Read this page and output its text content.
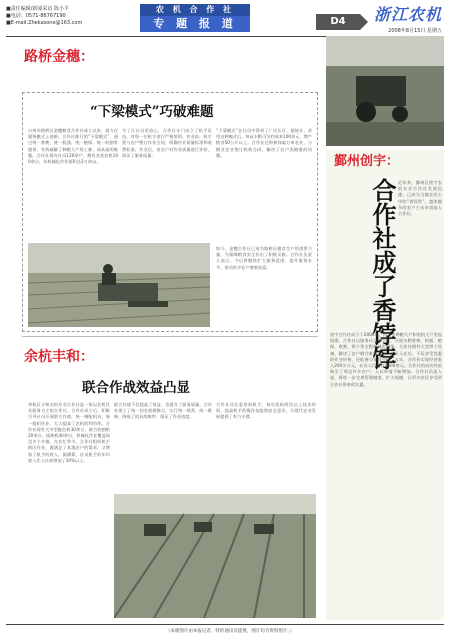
■责任编辑/新闻采访 陈小平
■电话：0571-86767190
■E-mail:Zhekasone@163.com
农 机 合 作 社
专 题 报 道	D4	浙江农机
2008年8月15日 星期五
路桥金穗：
“下梁模式”巧破难题
台州市路桥区金穗粮食合作社成立以来，着力在服务模式上创新。合作社推行的“下梁模式”，通过统一育秧、统一机插、统一植保、统一收割等服务，有效破解了种粮大户用工难、成本高的难题。合作社现有社员120余户，拥有各类农机100余台，年机械化作业面积达3万余亩。
为了让社员更放心，合作社专门成立了机手队伍，对每一位机手进行严格培训。作业前，机手要与农户签订作业合同，明确作业质量标准和收费标准。作业后，由农户对作业质量进行评价，保证了服务质量。
“下梁模式”在社员中得到了广泛认可。据统计，采用这种模式后，每亩水稻可节约成本100余元，增产粮食50公斤以上。合作社还积极探索订单农业，与粮食企业签订收购合同，解决了农户卖粮难的问题。
如今，金穗合作社已成为路桥区粮食生产的重要力量，为保障粮食安全作出了积极贡献。合作社负责人表示，今后将继续扩大服务范围，提升服务水平，带动更多农户增收致富。
余杭丰和：
联合作战效益凸显
余杭区丰和农机专业合作社是一家以农机作业服务为主的合作社。合作社成立后，积极引导社员开展联合作战，统一调配机具，统一组织作业，大大提高了农机的利用率。合作社现有大中型拖拉机30余台，联合收割机20余台，插秧机40余台，机械化作业覆盖周边多个乡镇。在农忙季节，合作社组织机手跨区作业，既满足了本地农户的需求，又增加了机手的收入。据测算，社员机手的年均收入比入社前增加了30%以上。
联合作战不仅提高了效益，也提升了服务质量。合作社建立了统一的农机维修点，实行统一保养、统一维修，降低了机具故障率，保证了作业进度。
合作社还注重培训机手，每年组织两次以上技术培训，提高机手的操作技能和安全意识，为现代农业发展提供了有力支撑。
鄞州创宇：
合作社成了香饽饽 近年来，鄞州区创宇农机专业合作社发展迅速，已成为当地农民心中的“香饽饽”。越来越多的农户主动申请加入合作社。
创宇合作社成立于2006年，由几位种粮大户和农机大户发起组建。合作社以服务社员为宗旨，开展水稻育秧、机插、植保、收割、烘干等全程机械化服务。合作社拥有大型烘干设备，解决了农户晒谷难的问题。社员入社后，不仅享受优惠的作业价格，还能参与年终分红。去年，合作社实现经营收入200多万元，社员人均增收2000余元。合作社的成功经验吸引了周边许多农户，入社申请不断增加。合作社负责人说，将进一步完善管理制度，扩大规模，让更多农民享受到合作社带来的实惠。
（本版图片由本报记者、特约通讯员提供，图片均为资料照片。）
